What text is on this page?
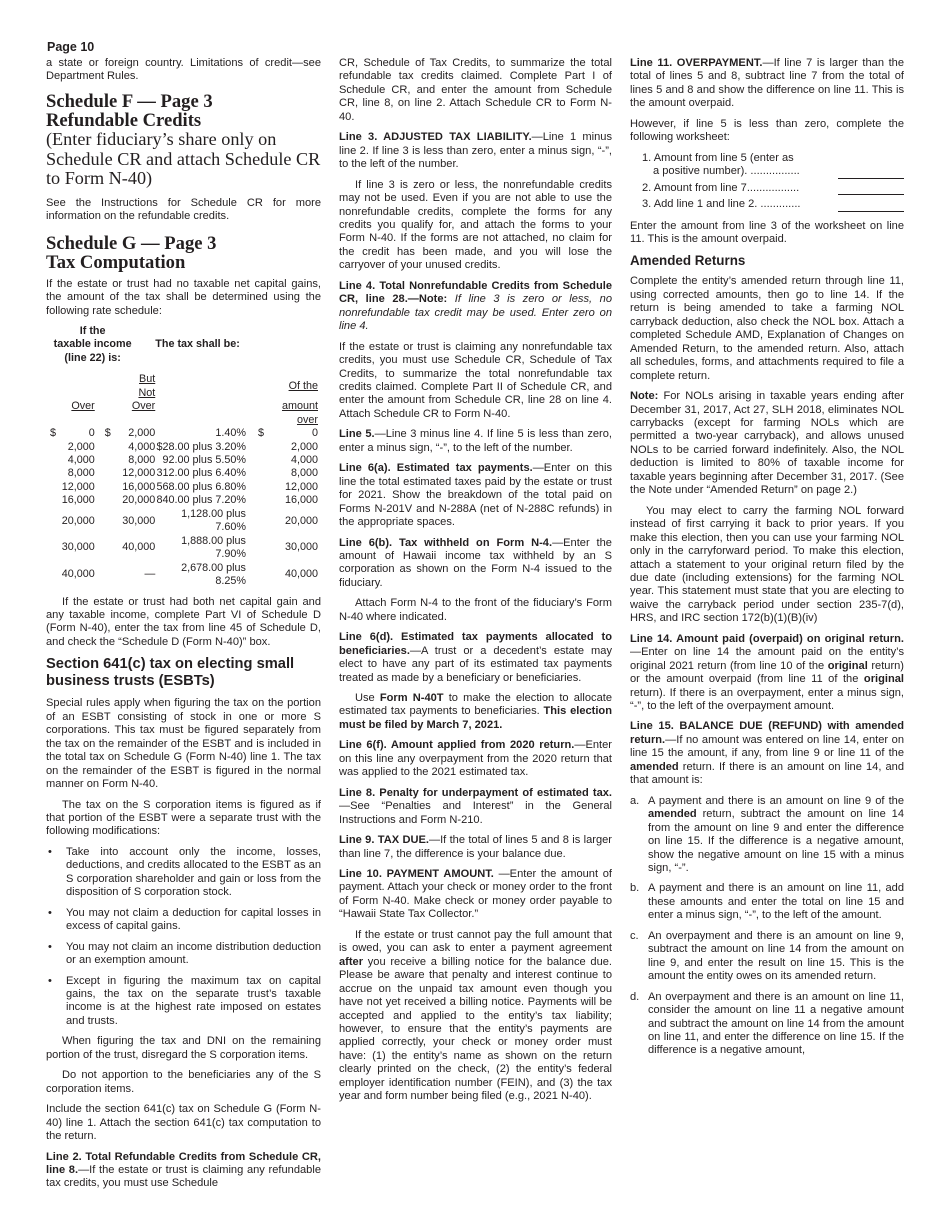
Page 10

a state or foreign country. Limitations of credit—see Department Rules.

Schedule F — Page 3
Refundable Credits
(Enter fiduciary’s share only on Schedule CR and attach Schedule CR to Form N-40)

See the Instructions for Schedule CR for more information on the refundable credits.

Schedule G — Page 3
Tax Computation

If the estate or trust had no taxable net capital gains, the amount of the tax shall be determined using the following rate schedule:

If the					
taxable income				The tax shall be:	
(line 22) is:					

			But Not		Of the
	Over		Over		amount
					over
$	0	$	2,000	1.40%	$	0

	2,000		4,000	$28.00 plus 3.20%	2,000
	4,000		8,000	92.00 plus 5.50%	4,000
	8,000		12,000	312.00 plus 6.40%	8,000
	12,000		16,000	568.00 plus 6.80%	12,000
	16,000		20,000	840.00 plus 7.20%	16,000
	20,000		30,000	1,128.00 plus 7.60%	20,000
	30,000		40,000	1,888.00 plus 7.90%	30,000
	40,000		—	2,678.00 plus 8.25%	40,000

If the estate or trust had both net capital gain and any taxable income, complete Part VI of Schedule D (Form N-40), enter the tax from line 45 of Schedule D, and check the “Schedule D (Form N-40)” box.

Section 641(c) tax on electing small business trusts (ESBTs)

Special rules apply when figuring the tax on the portion of an ESBT consisting of stock in one or more S corporations. This tax must be figured separately from the tax on the remainder of the ESBT and is included in the total tax on Schedule G (Form N-40) line 1. The tax on the remainder of the ESBT is figured in the normal manner on Form N-40.

The tax on the S corporation items is figured as if that portion of the ESBT were a separate trust with the following modifications:

• Take into account only the income, losses, deductions, and credits allocated to the ESBT as an S corporation shareholder and gain or loss from the disposition of S corporation stock.
• You may not claim a deduction for capital losses in excess of capital gains.
• You may not claim an income distribution deduction or an exemption amount.
• Except in figuring the maximum tax on capital gains, the tax on the separate trust’s taxable income is at the highest rate imposed on estates and trusts.

When figuring the tax and DNI on the remaining portion of the trust, disregard the S corporation items.

Do not apportion to the beneficiaries any of the S corporation items.

Include the section 641(c) tax on Schedule G (Form N-40) line 1. Attach the section 641(c) tax computation to the return.

Line 2. Total Refundable Credits from Schedule CR, line 8.—If the estate or trust is claiming any refundable tax credits, you must use Schedule

CR, Schedule of Tax Credits, to summarize the total refundable tax credits claimed. Complete Part I of Schedule CR, and enter the amount from Schedule CR, line 8, on line 2. Attach Schedule CR to Form N-40.

Line 3. ADJUSTED TAX LIABILITY.—Line 1 minus line 2. If line 3 is less than zero, enter a minus sign, “-”, to the left of the number.

If line 3 is zero or less, the nonrefundable credits may not be used. Even if you are not able to use the nonrefundable credits, complete the forms for any credits you qualify for, and attach the forms to your Form N-40. If the forms are not attached, no claim for the credit has been made, and you will lose the carryover of your unused credits.

Line 4. Total Nonrefundable Credits from Schedule CR, line 28.—Note: If line 3 is zero or less, no nonrefundable tax credit may be used. Enter zero on line 4.

If the estate or trust is claiming any nonrefundable tax credits, you must use Schedule CR, Schedule of Tax Credits, to summarize the total nonrefundable tax credits claimed. Complete Part II of Schedule CR, and enter the amount from Schedule CR, line 28 on line 4. Attach Schedule CR to Form N-40.

Line 5.—Line 3 minus line 4. If line 5 is less than zero, enter a minus sign, “-”, to the left of the number.

Line 6(a). Estimated tax payments.—Enter on this line the total estimated taxes paid by the estate or trust for 2021. Show the breakdown of the total paid on Forms N-201V and N-288A (net of N-288C refunds) in the appropriate spaces.

Line 6(b). Tax withheld on Form N-4.—Enter the amount of Hawaii income tax withheld by an S corporation as shown on the Form N-4 issued to the fiduciary.

Attach Form N-4 to the front of the fiduciary’s Form N-40 where indicated.

Line 6(d). Estimated tax payments allocated to beneficiaries.—A trust or a decedent’s estate may elect to have any part of its estimated tax payments treated as made by a beneficiary or beneficiaries.

Use Form N-40T to make the election to allocate estimated tax payments to beneficiaries. This election must be filed by March 7, 2021.

Line 6(f). Amount applied from 2020 return.—Enter on this line any overpayment from the 2020 return that was applied to the 2021 estimated tax.

Line 8. Penalty for underpayment of estimated tax.—See “Penalties and Interest” in the General Instructions and Form N-210.

Line 9. TAX DUE.—If the total of lines 5 and 8 is larger than line 7, the difference is your balance due.

Line 10. PAYMENT AMOUNT. —Enter the amount of payment. Attach your check or money order to the front of Form N-40. Make check or money order payable to “Hawaii State Tax Collector.”

If the estate or trust cannot pay the full amount that is owed, you can ask to enter a payment agreement after you receive a billing notice for the balance due. Please be aware that penalty and interest continue to accrue on the unpaid tax amount even though you have not yet received a billing notice. Payments will be accepted and applied to the entity’s tax liability; however, to ensure that the entity’s payments are applied correctly, your check or money order must have: (1) the entity’s name as shown on the return clearly printed on the check, (2) the entity’s federal employer identification number (FEIN), and (3) the tax year and form number being filed (e.g., 2021 N-40).

Line 11. OVERPAYMENT.—If line 7 is larger than the total of lines 5 and 8, subtract line 7 from the total of lines 5 and 8 and show the difference on line 11. This is the amount overpaid.

However, if line 5 is less than zero, complete the following worksheet:

1. Amount from line 5 (enter as
a positive number). ................
2. Amount from line 7.................
3. Add line 1 and line 2. .............

Enter the amount from line 3 of the worksheet on line 11. This is the amount overpaid.

Amended Returns

Complete the entity’s amended return through line 11, using corrected amounts, then go to line 14. If the return is being amended to take a farming NOL carryback deduction, also check the NOL box. Attach a completed Schedule AMD, Explanation of Changes on Amended Return, to the amended return. Also, attach all schedules, forms, and attachments required to file a complete return.

Note: For NOLs arising in taxable years ending after December 31, 2017, Act 27, SLH 2018, eliminates NOL carrybacks (except for farming NOLs which are permitted a two-year carryback), and allows unused NOLs to be carried forward indefinitely. Also, the NOL deduction is limited to 80% of taxable income for taxable years beginning after December 31, 2017. (See the Note under “Amended Return” on page 2.)

You may elect to carry the farming NOL forward instead of first carrying it back to prior years. If you make this election, then you can use your farming NOL only in the carryforward period. To make this election, attach a statement to your original return filed by the due date (including extensions) for the farming NOL year. This statement must state that you are electing to waive the carryback period under section 235-7(d), HRS, and IRC section 172(b)(1)(B)(iv)

Line 14. Amount paid (overpaid) on original return. —Enter on line 14 the amount paid on the entity’s original 2021 return (from line 10 of the original return) or the amount overpaid (from line 11 of the original return). If there is an overpayment, enter a minus sign, “-”, to the left of the overpayment amount.

Line 15. BALANCE DUE (REFUND) with amended return.—If no amount was entered on line 14, enter on line 15 the amount, if any, from line 9 or line 11 of the amended return. If there is an amount on line 14, and that amount is:

a. A payment and there is an amount on line 9 of the amended return, subtract the amount on line 14 from the amount on line 9 and enter the difference on line 15. If the difference is a negative amount, show the negative amount on line 15 with a minus sign, “-”.
b. A payment and there is an amount on line 11, add these amounts and enter the total on line 15 and enter a minus sign, “-”, to the left of the amount.
c. An overpayment and there is an amount on line 9, subtract the amount on line 14 from the amount on line 9, and enter the result on line 15. This is the amount the entity owes on its amended return.
d. An overpayment and there is an amount on line 11, consider the amount on line 11 a negative amount and subtract the amount on line 14 from the amount on line 11, and enter the difference on line 15. If the difference is a negative amount,
